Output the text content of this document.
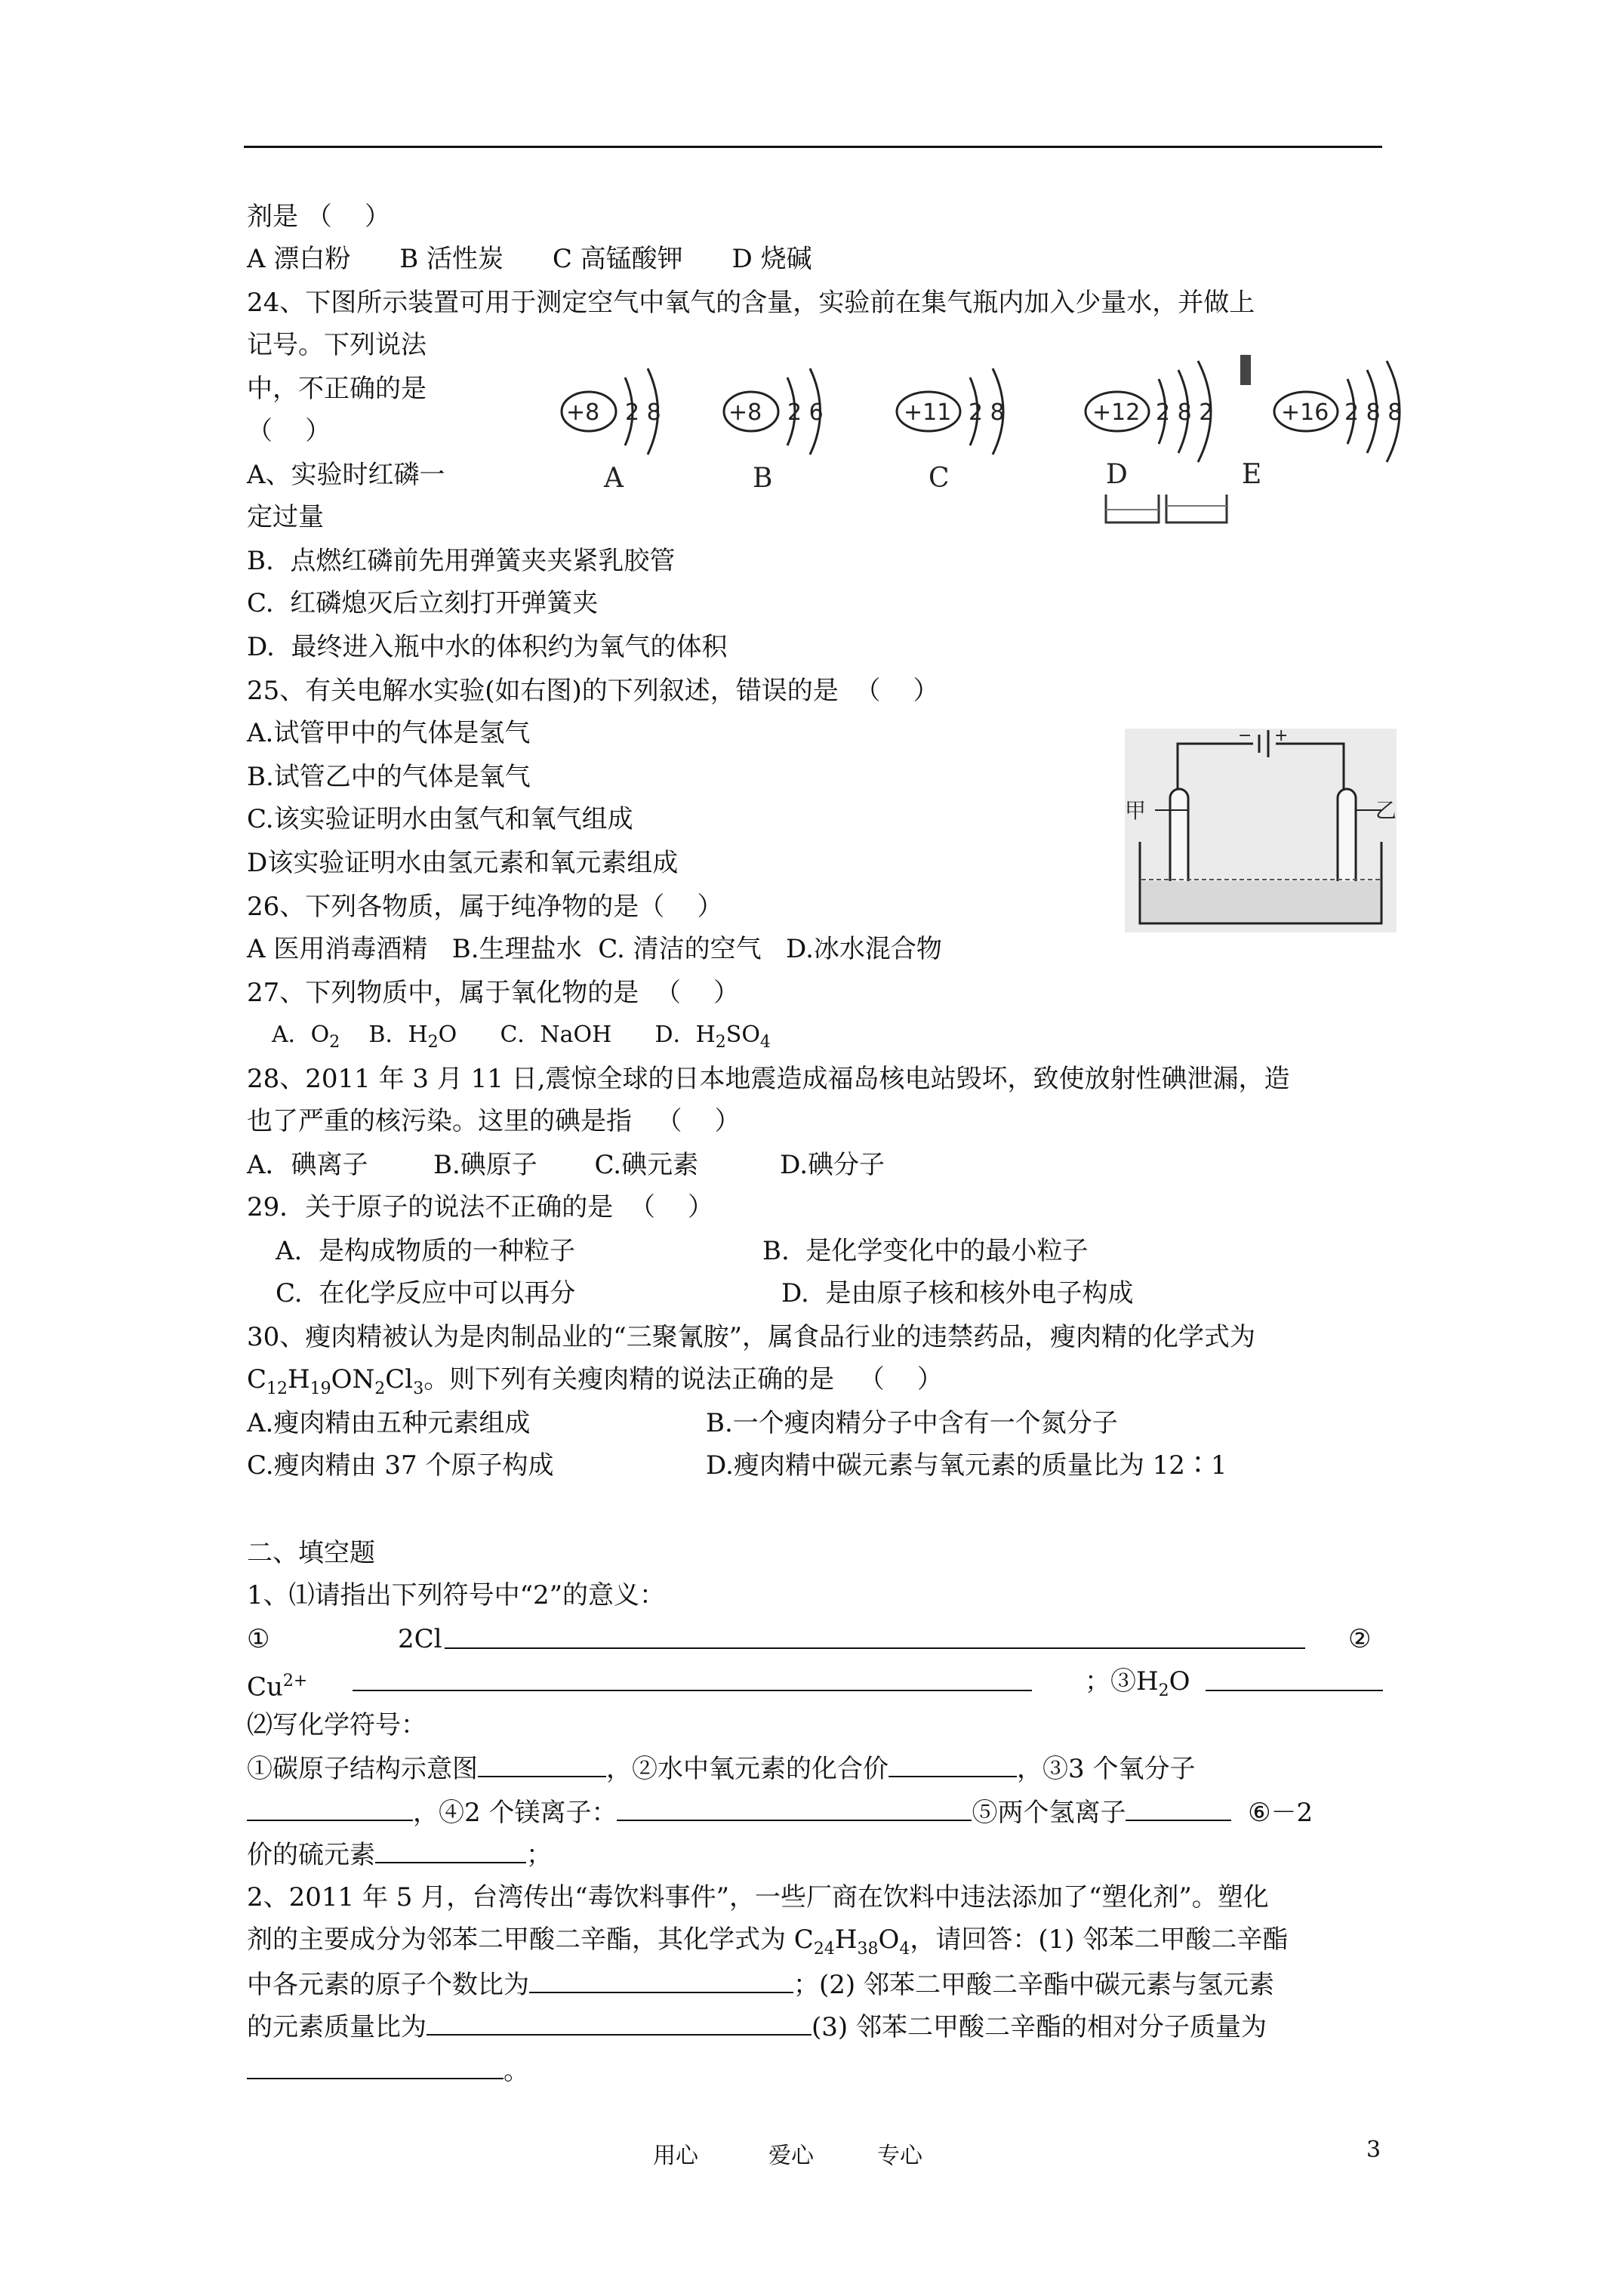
剂是 （    ）
A 漂白粉      B 活性炭      C 高锰酸钾      D 烧碱
24、下图所示装置可用于测定空气中氧气的含量，实验前在集气瓶内加入少量水，并做上
记号。下列说法
中，不正确的是
（    ）
A、实验时红磷一
定过量
B.  点燃红磷前先用弹簧夹夹紧乳胶管
C.  红磷熄灭后立刻打开弹簧夹
D.  最终进入瓶中水的体积约为氧气的体积
+8 2 8
A
+8 2 6
B
+11 2 8
C
+12 2 8 2
D
+16 2 8 8
E
25、有关电解水实验(如右图)的下列叙述，错误的是  （    ）
A.试管甲中的气体是氢气
B.试管乙中的气体是氧气
C.该实验证明水由氢气和氧气组成
D该实验证明水由氢元素和氧元素组成
− +
甲	乙
26、下列各物质，属于纯净物的是（    ）
A 医用消毒酒精   B.生理盐水  C. 清洁的空气   D.冰水混合物
27、下列物质中，属于氧化物的是  （    ）
A．$O_2$ B．$H_2O$ C．NaOH D．$H_2SO_4$
28、2011 年 3 月 11 日,震惊全球的日本地震造成福岛核电站毁坏，致使放射性碘泄漏，造
也了严重的核污染。这里的碘是指   （    ）
A．碘离子        B.碘原子       C.碘元素          D.碘分子
29．关于原子的说法不正确的是  （    ）
A.  是构成物质的一种粒子	B.  是化学变化中的最小粒子
C.  在化学反应中可以再分	D.  是由原子核和核外电子构成
30、瘦肉精被认为是肉制品业的“三聚氰胺”，属食品行业的违禁药品，瘦肉精的化学式为
$C_{12}H_{19}ON_2Cl_3$。则下列有关瘦肉精的说法正确的是   （    ）
A.瘦肉精由五种元素组成	B.一个瘦肉精分子中含有一个氮分子
C.瘦肉精由 37 个原子构成	D.瘦肉精中碳元素与氧元素的质量比为 12∶1
二、填空题
1、⑴请指出下列符号中“2”的意义：
①	2Cl	②
$Cu^{2+}$	；$③H_2O$
⑵写化学符号：
①碳原子结构示意图	，②水中氧元素的化合价	，③3 个氧分子
，④2 个镁离子：	⑤两个氢离子	⑥－2
价的硫元素	；
2、2011 年 5 月，台湾传出“毒饮料事件”，一些厂商在饮料中违法添加了“塑化剂”。塑化
剂的主要成分为邻苯二甲酸二辛酯，其化学式为 $C_{24}H_{38}O_4$，请回答：(1) 邻苯二甲酸二辛酯
中各元素的原子个数比为	；(2) 邻苯二甲酸二辛酯中碳元素与氢元素
的元素质量比为	(3) 邻苯二甲酸二辛酯的相对分子质量为
。
用心	爱心	专心	3
